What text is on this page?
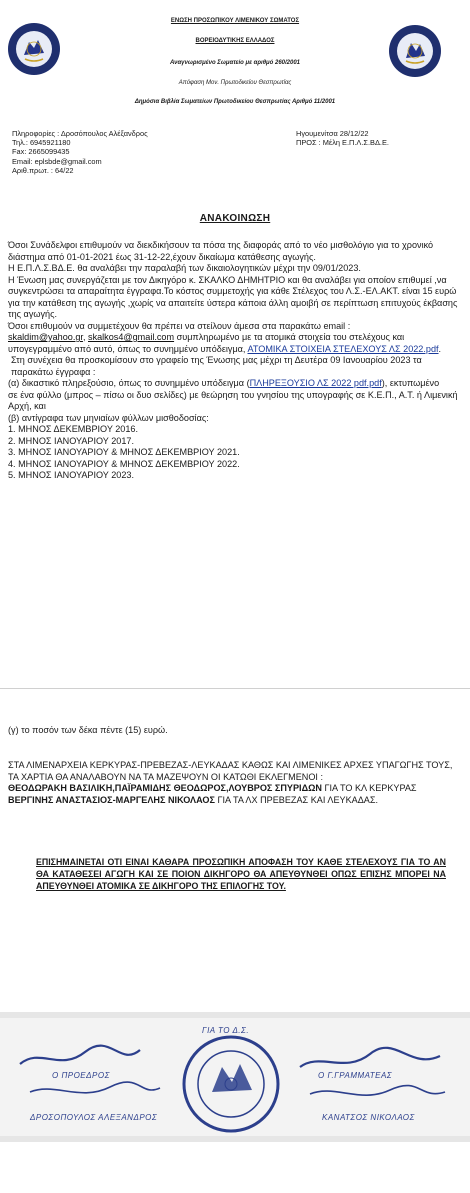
ΕΝΩΣΗ ΠΡΟΣΩΠΙΚΟΥ ΛΙΜΕΝΙΚΟΥ ΣΩΜΑΤΟΣ
ΒΟΡΕΙΟΔΥΤΙΚΗΣ ΕΛΛΑΔΟΣ
Αναγνωρισμένο Σωματείο με αριθμό 260/2001
Απόφαση Μον. Πρωτοδικείου Θεσπρωτίας
Δημόσια Βιβλία Σωματείων Πρωτοδικείου Θεσπρωτίας Αριθμό 11/2001
Πληροφορίες : Δροσόπουλος Αλέξανδρος
Τηλ.: 6945921180
Fax: 2665099435
Email: eplsbde@gmail.com
Αριθ.πρωτ. : 64/22
Ηγουμενίτσα 28/12/22
ΠΡΟΣ : Μέλη Ε.Π.Λ.Σ.ΒΔ.Ε.
ΑΝΑΚΟΙΝΩΣΗ

Όσοι Συνάδελφοι επιθυμούν να διεκδικήσουν τα πόσα της διαφοράς από το νέο μισθολόγιο για το χρονικό διάστημα από 01-01-2021 έως 31-12-22,έχουν δικαίωμα κατάθεσης αγωγής.

Η Ε.Π.Λ.Σ.ΒΔ.Ε. θα αναλάβει την παραλαβή των δικαιολογητικών μέχρι την 09/01/2023.

Η Ένωση μας συνεργάζεται με τον Δικηγόρο κ. ΣΚΑΛΚΟ ΔΗΜΗΤΡΙΟ και θα αναλάβει για οποίον επιθυμεί ,να συγκεντρώσει τα απαραίτητα έγγραφα.Το κόστος συμμετοχής για κάθε Στέλεχος του Λ.Σ.-ΕΛ.ΑΚΤ. είναι 15 ευρώ για την κατάθεση της αγωγής ,χωρίς να απαιτείτε ύστερα κάποια άλλη αμοιβή σε περίπτωση επιτυχούς έκβασης της αγωγής.

Όσοι επιθυμούν να συμμετέχουν θα πρέπει να στείλουν άμεσα στα παρακάτω email :
skaldim@yahoo.gr, skalkos4@gmail.com συμπληρωμένο με τα ατομικά στοιχεία του στελέχους και υπογεγραμμένο από αυτό, όπως το συνημμένο υπόδειγμα, ΑΤΟΜΙΚΑ ΣΤΟΙΧΕΙΑ ΣΤΕΛΕΧΟΥΣ ΛΣ 2022.pdf.

Στη συνέχεια θα προσκομίσουν στο γραφείο της Ένωσης μας μέχρι τη Δευτέρα 09 Ιανουαρίου 2023 τα παρακάτω έγγραφα :

(α) δικαστικό πληρεξούσιο, όπως το συνημμένο υπόδειγμα (ΠΛΗΡΕΞΟΥΣΙΟ ΛΣ 2022 pdf.pdf), εκτυπωμένο

σε ένα φύλλο (μπρος – πίσω οι δυο σελίδες) με θεώρηση του γνησίου της υπογραφής σε Κ.Ε.Π., Α.Τ. ή Λιμενική Αρχή, και

(β) αντίγραφα των μηνιαίων φύλλων μισθοδοσίας:

1. ΜΗΝΟΣ ΔΕΚΕΜΒΡΙΟΥ 2016.

2. ΜΗΝΟΣ ΙΑΝΟΥΑΡΙΟΥ 2017.

3. ΜΗΝΟΣ ΙΑΝΟΥΑΡΙΟΥ & ΜΗΝΟΣ ΔΕΚΕΜΒΡΙΟΥ 2021.

4. ΜΗΝΟΣ ΙΑΝΟΥΑΡΙΟΥ & ΜΗΝΟΣ ΔΕΚΕΜΒΡΙΟΥ 2022.

5. ΜΗΝΟΣ ΙΑΝΟΥΑΡΙΟΥ 2023.

(γ) το ποσόν των δέκα πέντε (15) ευρώ.

ΣΤΑ ΛΙΜΕΝΑΡΧΕΙΑ ΚΕΡΚΥΡΑΣ-ΠΡΕΒΕΖΑΣ-ΛΕΥΚΑΔΑΣ ΚΑΘΩΣ ΚΑΙ ΛΙΜΕΝΙΚΕΣ ΑΡΧΕΣ ΥΠΑΓΩΓΗΣ ΤΟΥΣ, ΤΑ ΧΑΡΤΙΑ ΘΑ ΑΝΑΛΑΒΟΥΝ ΝΑ ΤΑ ΜΑΖΕΨΟΥΝ ΟΙ ΚΑΤΩΘΙ ΕΚΛΕΓΜΕΝΟΙ :

ΘΕΟΔΩΡΑΚΗ ΒΑΣΙΛΙΚΗ,ΠΑΪΡΑΜΙΔΗΣ ΘΕΟΔΩΡΟΣ,ΛΟΥΒΡΟΣ ΣΠΥΡΙΔΩΝ ΓΙΑ ΤΟ ΚΛ ΚΕΡΚΥΡΑΣ

ΒΕΡΓΙΝΗΣ ΑΝΑΣΤΑΣΙΟΣ-ΜΑΡΓΕΛΗΣ ΝΙΚΟΛΑΟΣ ΓΙΑ ΤΑ ΛΧ ΠΡΕΒΕΖΑΣ ΚΑΙ ΛΕΥΚΑΔΑΣ.

ΕΠΙΣΗΜΑΙΝΕΤΑΙ ΟΤΙ ΕΙΝΑΙ ΚΑΘΑΡΑ ΠΡΟΣΩΠΙΚΗ ΑΠΟΦΑΣΗ ΤΟΥ ΚΑΘΕ ΣΤΕΛΕΧΟΥΣ ΓΙΑ ΤΟ ΑΝ ΘΑ ΚΑΤΑΘΕΣΕΙ ΑΓΩΓΗ ΚΑΙ ΣΕ ΠΟΙΟΝ ΔΙΚΗΓΟΡΟ ΘΑ ΑΠΕΥΘΥΝΘΕΙ ΟΠΩΣ ΕΠΙΣΗΣ ΜΠΟΡΕΙ ΝΑ ΑΠΕΥΘΥΝΘΕΙ ΑΤΟΜΙΚΑ ΣΕ ΔΙΚΗΓΟΡΟ ΤΗΣ ΕΠΙΛΟΓΗΣ ΤΟΥ.
Ο ΠΡΟΕΔΡΟΣ
ΔΡΟΣΟΠΟΥΛΟΣ ΑΛΕΞΑΝΔΡΟΣ
ΓΙΑ ΤΟ Δ.Σ.
Ο Γ.ΓΡΑΜΜΑΤΕΑΣ
ΚΑΝΑΤΣΟΣ ΝΙΚΟΛΑΟΣ
